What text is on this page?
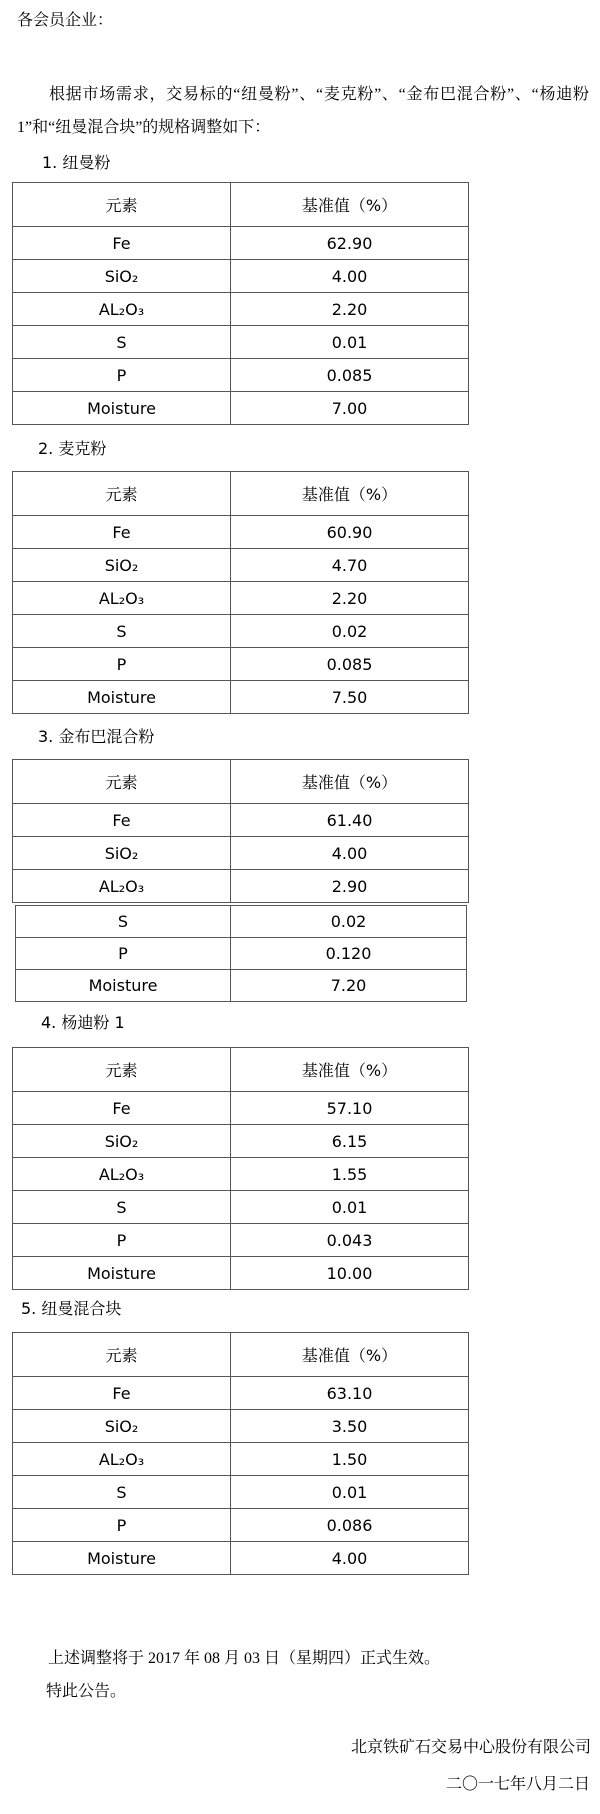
各会员企业：
根据市场需求，交易标的“纽曼粉”、“麦克粉”、“金布巴混合粉”、“杨迪粉 1”和“纽曼混合块”的规格调整如下：
1. 纽曼粉
元素	基准值（%）
Fe	62.90
SiO₂	4.00
AL₂O₃	2.20
S	0.01
P	0.085
Moisture	7.00
2. 麦克粉
元素	基准值（%）
Fe	60.90
SiO₂	4.70
AL₂O₃	2.20
S	0.02
P	0.085
Moisture	7.50
3. 金布巴混合粉
元素	基准值（%）
Fe	61.40
SiO₂	4.00
AL₂O₃	2.90
S	0.02
P	0.120
Moisture	7.20
4. 杨迪粉 1
元素	基准值（%）
Fe	57.10
SiO₂	6.15
AL₂O₃	1.55
S	0.01
P	0.043
Moisture	10.00
5. 纽曼混合块
元素	基准值（%）
Fe	63.10
SiO₂	3.50
AL₂O₃	1.50
S	0.01
P	0.086
Moisture	4.00
上述调整将于 2017 年 08 月 03 日（星期四）正式生效。
特此公告。
北京铁矿石交易中心股份有限公司
二〇一七年八月二日
